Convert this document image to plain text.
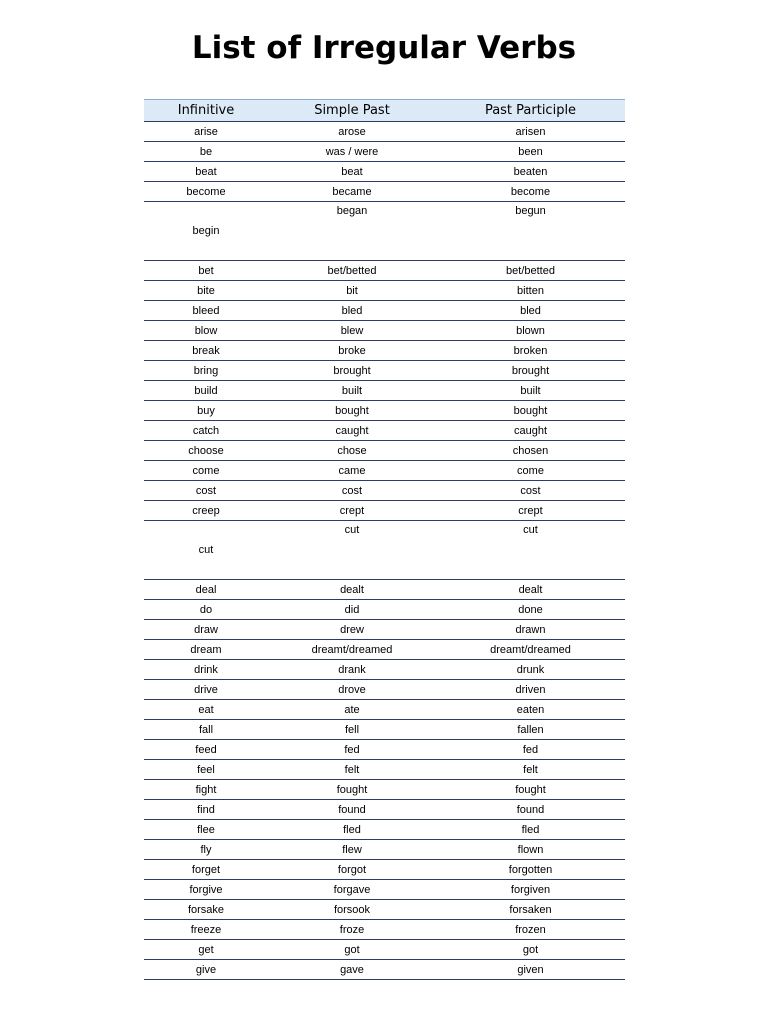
List of Irregular Verbs
Infinitive	Simple Past	Past Participle
arise	arose	arisen
be	was / were	been
beat	beat	beaten
become	became	become
begin	began	begun
bet	bet/betted	bet/betted
bite	bit	bitten
bleed	bled	bled
blow	blew	blown
break	broke	broken
bring	brought	brought
build	built	built
buy	bought	bought
catch	caught	caught
choose	chose	chosen
come	came	come
cost	cost	cost
creep	crept	crept
cut	cut	cut
deal	dealt	dealt
do	did	done
draw	drew	drawn
dream	dreamt/dreamed	dreamt/dreamed
drink	drank	drunk
drive	drove	driven
eat	ate	eaten
fall	fell	fallen
feed	fed	fed
feel	felt	felt
fight	fought	fought
find	found	found
flee	fled	fled
fly	flew	flown
forget	forgot	forgotten
forgive	forgave	forgiven
forsake	forsook	forsaken
freeze	froze	frozen
get	got	got
give	gave	given
